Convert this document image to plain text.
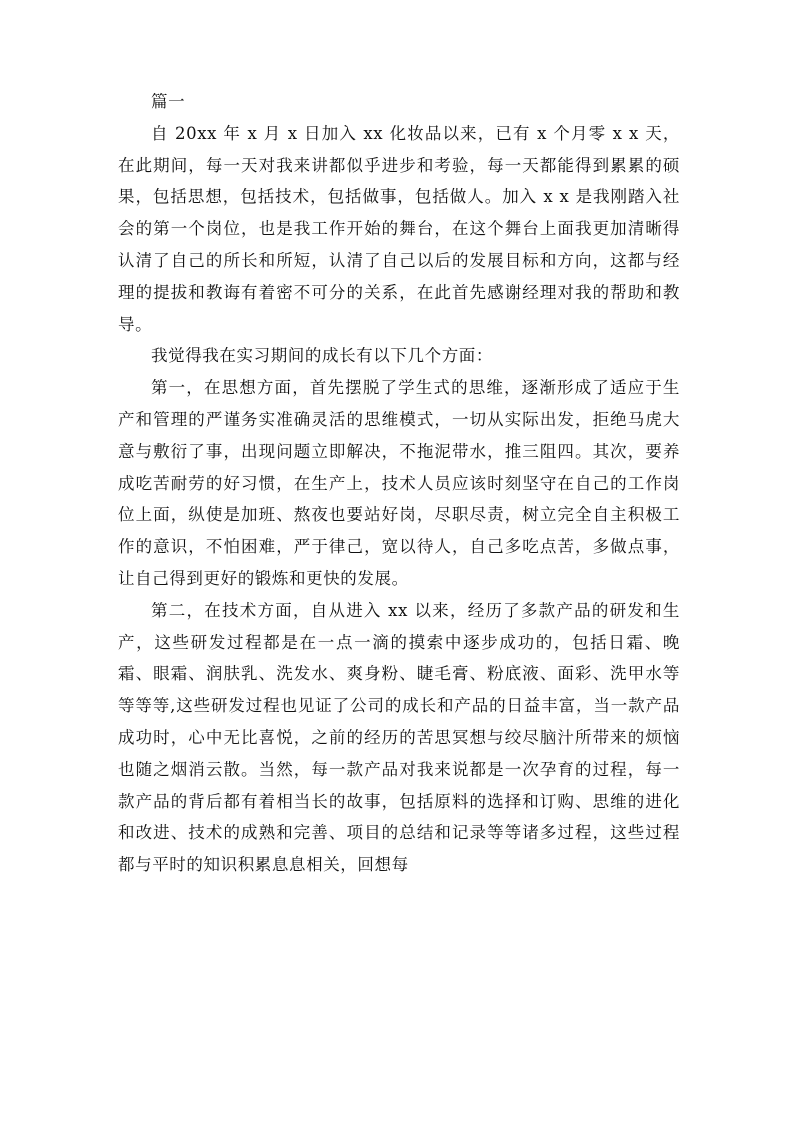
篇一

自 20xx 年 x 月 x 日加入 xx 化妆品以来，已有 x 个月零 x x 天，在此期间，每一天对我来讲都似乎进步和考验，每一天都能得到累累的硕果，包括思想，包括技术，包括做事，包括做人。加入 x x 是我刚踏入社会的第一个岗位，也是我工作开始的舞台，在这个舞台上面我更加清晰得认清了自己的所长和所短，认清了自己以后的发展目标和方向，这都与经理的提拔和教诲有着密不可分的关系，在此首先感谢经理对我的帮助和教导。

我觉得我在实习期间的成长有以下几个方面：

第一，在思想方面，首先摆脱了学生式的思维，逐渐形成了适应于生产和管理的严谨务实准确灵活的思维模式，一切从实际出发，拒绝马虎大意与敷衍了事，出现问题立即解决，不拖泥带水，推三阻四。其次，要养成吃苦耐劳的好习惯，在生产上，技术人员应该时刻坚守在自己的工作岗位上面，纵使是加班、熬夜也要站好岗，尽职尽责，树立完全自主积极工作的意识，不怕困难，严于律己，宽以待人，自己多吃点苦，多做点事，让自己得到更好的锻炼和更快的发展。

第二，在技术方面，自从进入 xx 以来，经历了多款产品的研发和生产，这些研发过程都是在一点一滴的摸索中逐步成功的，包括日霜、晚霜、眼霜、润肤乳、洗发水、爽身粉、睫毛膏、粉底液、面彩、洗甲水等等等等,这些研发过程也见证了公司的成长和产品的日益丰富，当一款产品成功时，心中无比喜悦，之前的经历的苦思冥想与绞尽脑汁所带来的烦恼也随之烟消云散。当然，每一款产品对我来说都是一次孕育的过程，每一款产品的背后都有着相当长的故事，包括原料的选择和订购、思维的进化和改进、技术的成熟和完善、项目的总结和记录等等诸多过程，这些过程都与平时的知识积累息息相关，回想每
